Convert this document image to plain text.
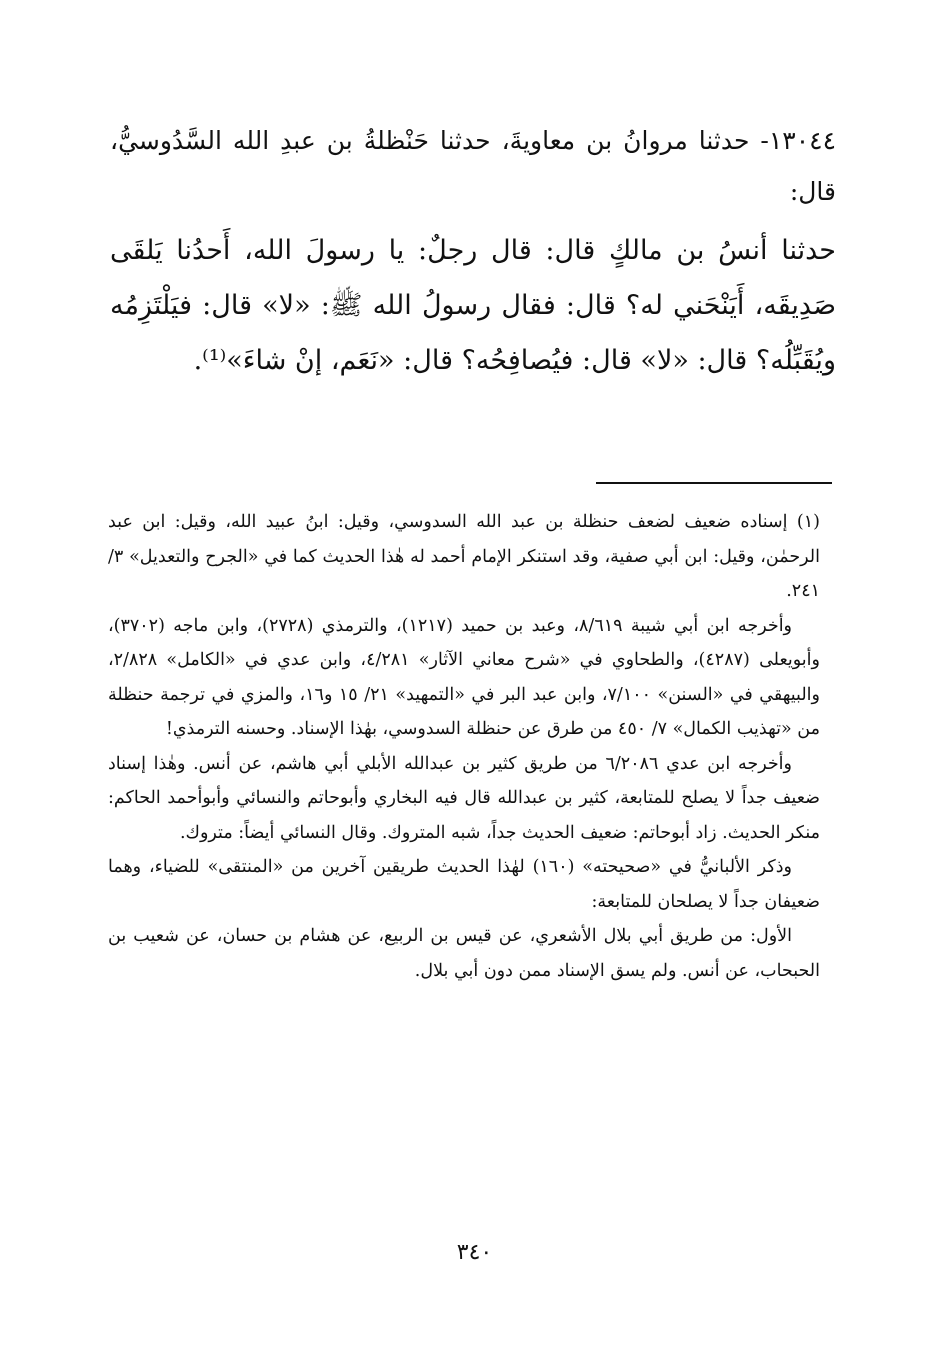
١٣٠٤٤- حدثنا مروانُ بن معاويةَ، حدثنا حَنْظلةُ بن عبدِ الله السَّدُوسيُّ، قال:
حدثنا أنسُ بن مالكٍ قال: قال رجلٌ: يا رسولَ الله، أَحدُنا يَلقَى صَدِيقَه، أَيَنْحَني له؟ قال: فقال رسولُ الله ﷺ: «لا» قال: فيَلْتَزِمُه ويُقَبِّلُه؟ قال: «لا» قال: فيُصافِحُه؟ قال: «نَعَم، إنْ شاءَ»⁽¹⁾.

(١) إسناده ضعيف لضعف حنظلة بن عبد الله السدوسي، وقيل: ابنُ عبيد الله، وقيل: ابن عبد الرحمٰن، وقيل: ابن أبي صفية، وقد استنكر الإمام أحمد له هٰذا الحديث كما في «الجرح والتعديل» ٣/ ٢٤١.

وأخرجه ابن أبي شيبة ٨/٦١٩، وعبد بن حميد (١٢١٧)، والترمذي (٢٧٢٨)، وابن ماجه (٣٧٠٢)، وأبويعلى (٤٢٨٧)، والطحاوي في «شرح معاني الآثار» ٤/٢٨١، وابن عدي في «الكامل» ٢/٨٢٨، والبيهقي في «السنن» ٧/١٠٠، وابن عبد البر في «التمهيد» ٢١/ ١٥ و١٦، والمزي في ترجمة حنظلة من «تهذيب الكمال» ٧/ ٤٥٠ من طرق عن حنظلة السدوسي، بهٰذا الإسناد. وحسنه الترمذي!

وأخرجه ابن عدي ٦/٢٠٨٦ من طريق كثير بن عبدالله الأبلي أبي هاشم، عن أنس. وهٰذا إسناد ضعيف جداً لا يصلح للمتابعة، كثير بن عبدالله قال فيه البخاري وأبوحاتم والنسائي وأبوأحمد الحاكم: منكر الحديث. زاد أبوحاتم: ضعيف الحديث جداً، شبه المتروك. وقال النسائي أيضاً: متروك.

وذكر الألبانيُّ في «صحيحته» (١٦٠) لهٰذا الحديث طريقين آخرين من «المنتقى» للضياء، وهما ضعيفان جداً لا يصلحان للمتابعة:

الأول: من طريق أبي بلال الأشعري، عن قيس بن الربيع، عن هشام بن حسان، عن شعيب بن الحبحاب، عن أنس. ولم يسق الإسناد ممن دون أبي بلال.

٣٤٠
